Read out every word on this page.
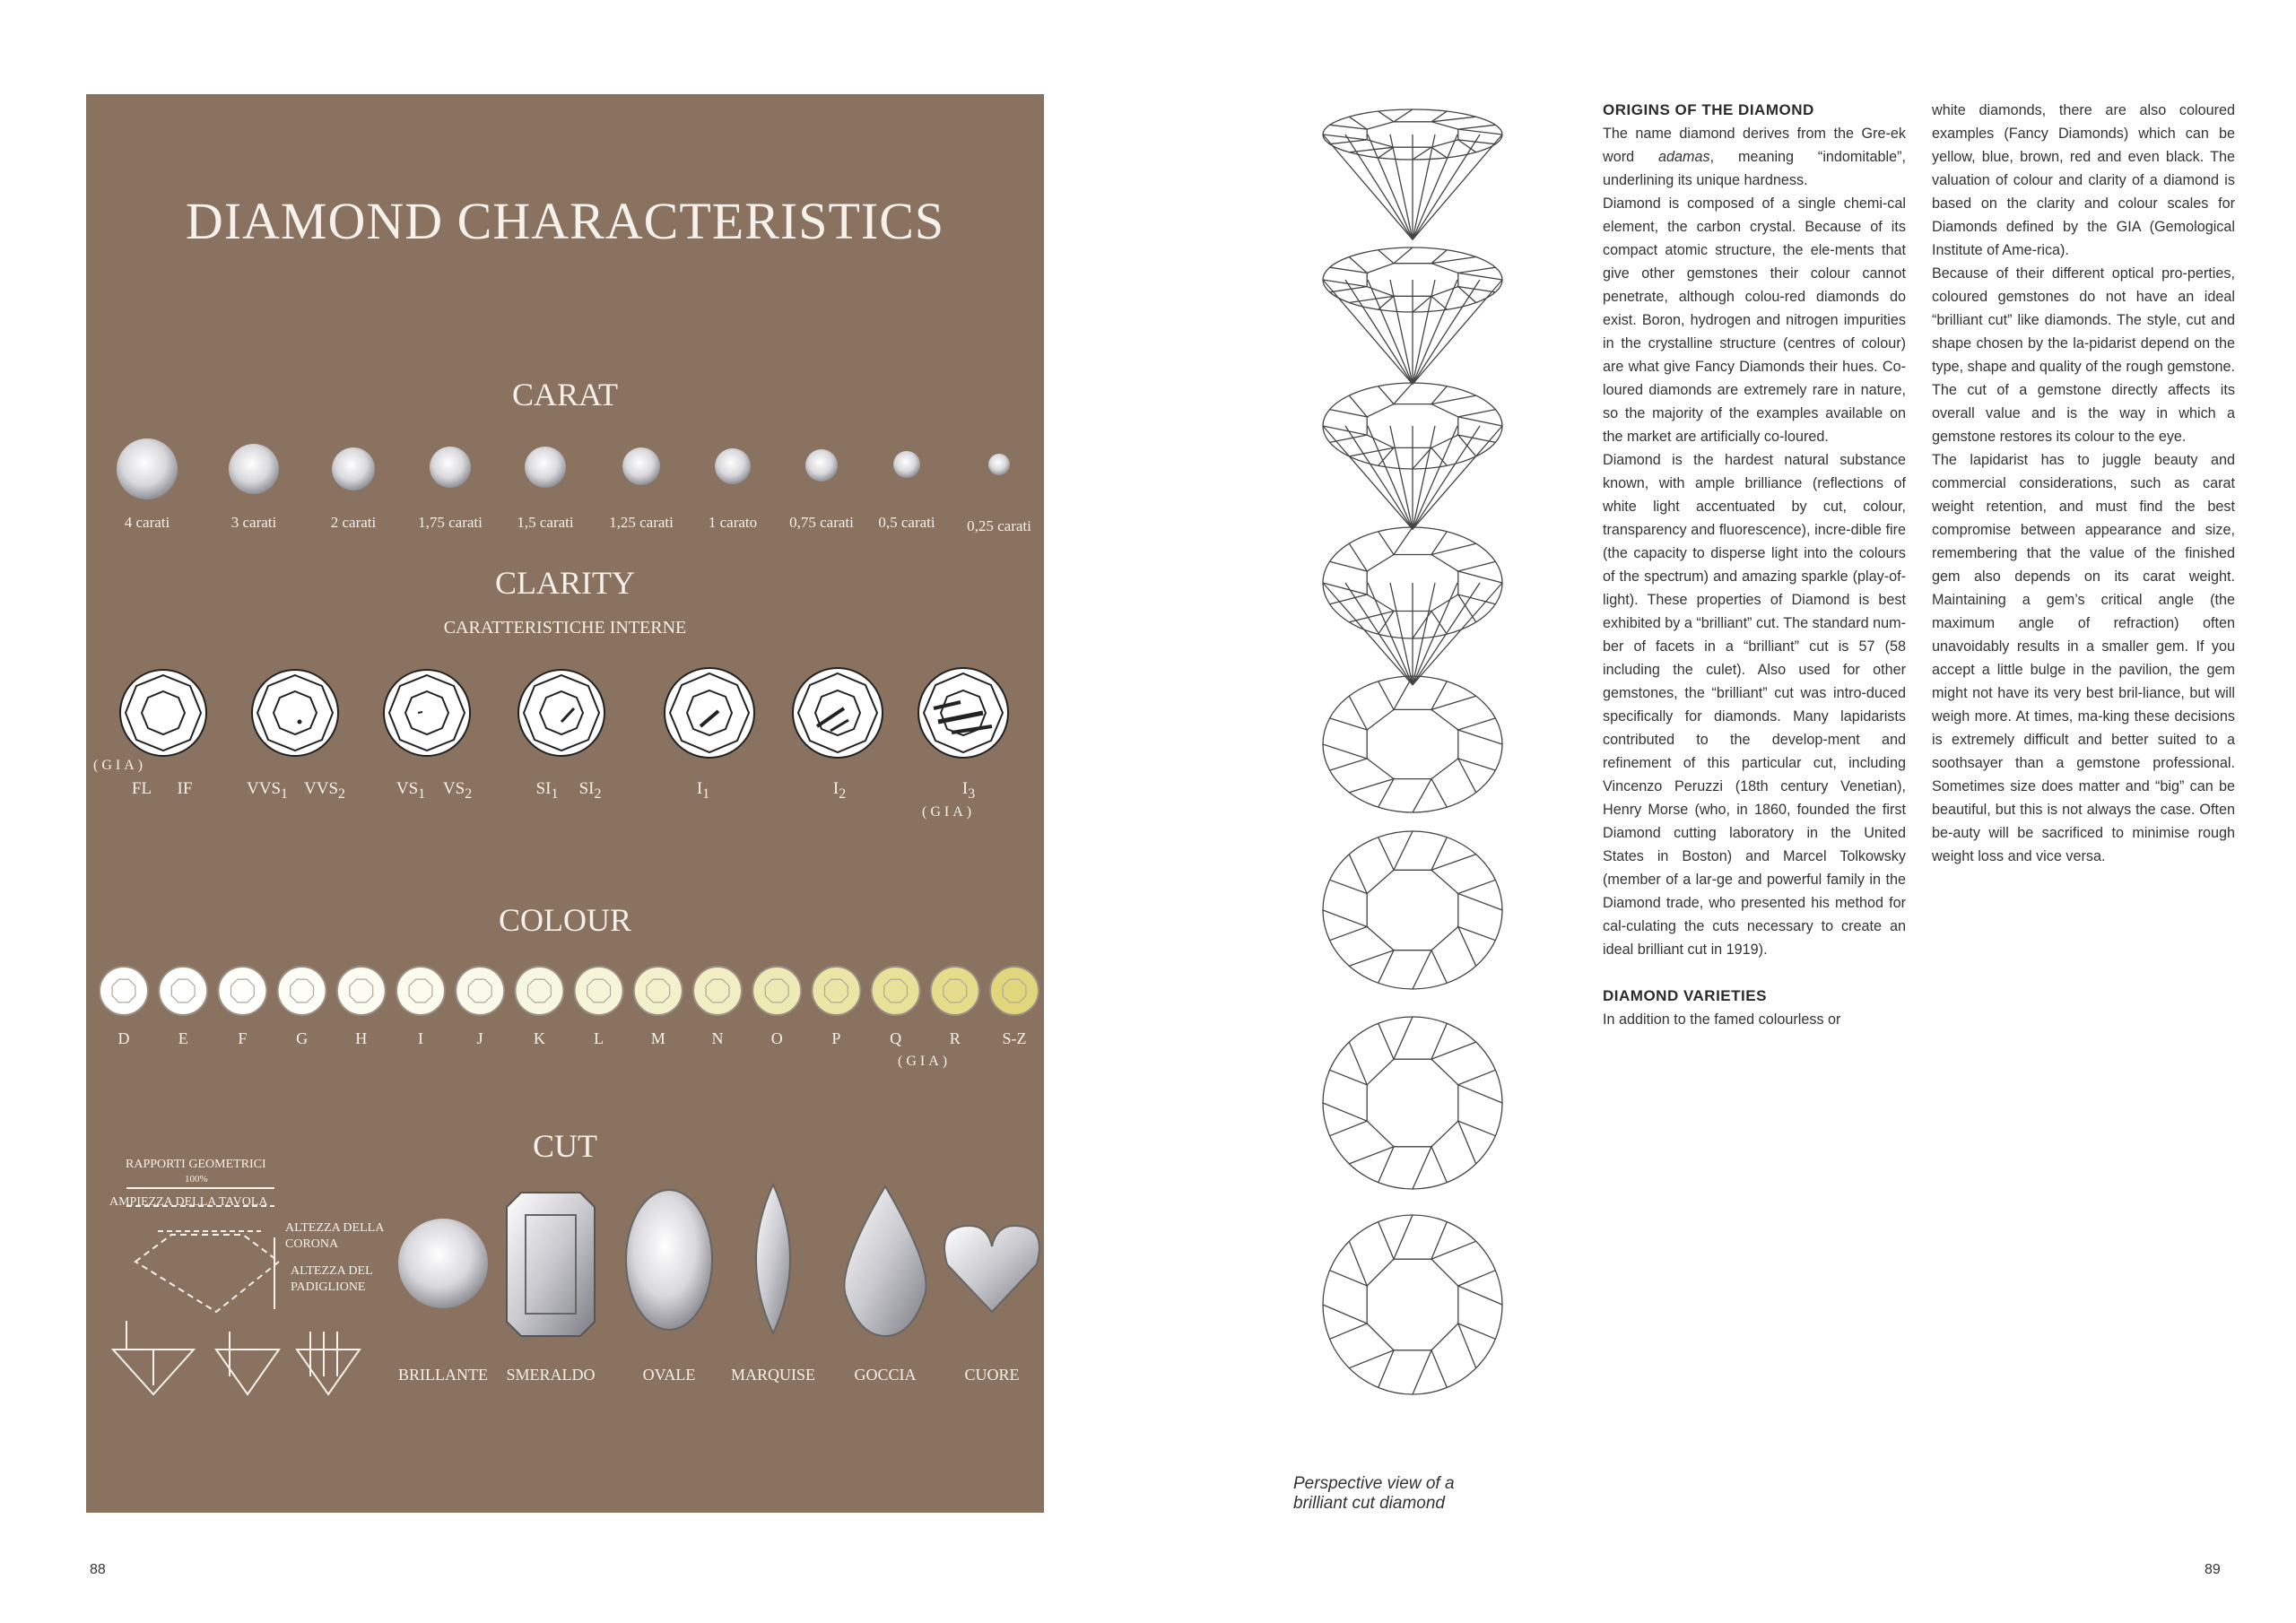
DIAMOND CHARACTERISTICS
CARAT
4 carati	3 carati	2 carati	1,75 carati 1,5 carati 1,25 carati 1 carato 0,75 carati 0,5 carati 0,25 carati
CLARITY
CARATTERISTICHE INTERNE
(GIA)
(GIA)
FL IF	$VVS_1$ $VVS_2$	$VS_1$ $VS_2$	$SI_1$ $SI_2$	$I_1$	$I_2$	$I_3$
COLOUR
D	E	F	G	H	I	J	K	L	M	N	O	P	Q	R	S-Z
(GIA)
CUT
RAPPORTI GEOMETRICI
100%
AMPIEZZA DELLA TAVOLA
ALTEZZA DELLA
CORONA
ALTEZZA DEL
PADIGLIONE
BRILLANTE SMERALDO	OVALE MARQUISE GOCCIA	CUORE
88
Perspective view of a
brilliant cut diamond
ORIGINS OF THE DIAMOND

The name diamond derives from the Gre-ek word adamas, meaning “indomitable”, underlining its unique hardness.

Diamond is composed of a single chemi-cal element, the carbon crystal. Because of its compact atomic structure, the ele-ments that give other gemstones their colour cannot penetrate, although colou-red diamonds do exist. Boron, hydrogen and nitrogen impurities in the crystalline structure (centres of colour) are what give Fancy Diamonds their hues. Co-loured diamonds are extremely rare in nature, so the majority of the examples available on the market are artificially co-loured.

Diamond is the hardest natural substance known, with ample brilliance (reflections of white light accentuated by cut, colour, transparency and fluorescence), incre-dible fire (the capacity to disperse light into the colours of the spectrum) and amazing sparkle (play-of-light). These properties of Diamond is best exhibited by a “brilliant” cut. The standard num-ber of facets in a “brilliant” cut is 57 (58 including the culet). Also used for other gemstones, the “brilliant” cut was intro-duced specifically for diamonds. Many lapidarists contributed to the develop-ment and refinement of this particular cut, including Vincenzo Peruzzi (18th century Venetian), Henry Morse (who, in 1860, founded the first Diamond cutting laboratory in the United States in Boston) and Marcel Tolkowsky (member of a lar-ge and powerful family in the Diamond trade, who presented his method for cal-culating the cuts necessary to create an ideal brilliant cut in 1919).

DIAMOND VARIETIES

In addition to the famed colourless or

white diamonds, there are also coloured examples (Fancy Diamonds) which can be yellow, blue, brown, red and even black. The valuation of colour and clarity of a diamond is based on the clarity and colour scales for Diamonds defined by the GIA (Gemological Institute of Ame-rica).

Because of their different optical pro-perties, coloured gemstones do not have an ideal “brilliant cut” like diamonds. The style, cut and shape chosen by the la-pidarist depend on the type, shape and quality of the rough gemstone. The cut of a gemstone directly affects its overall value and is the way in which a gemstone restores its colour to the eye.

The lapidarist has to juggle beauty and commercial considerations, such as carat weight retention, and must find the best compromise between appearance and size, remembering that the value of the finished gem also depends on its carat weight. Maintaining a gem’s critical angle (the maximum angle of refraction) often unavoidably results in a smaller gem. If you accept a little bulge in the pavilion, the gem might not have its very best bril-liance, but will weigh more. At times, ma-king these decisions is extremely difficult and better suited to a soothsayer than a gemstone professional. Sometimes size does matter and “big” can be beautiful, but this is not always the case. Often be-auty will be sacrificed to minimise rough weight loss and vice versa.

89
